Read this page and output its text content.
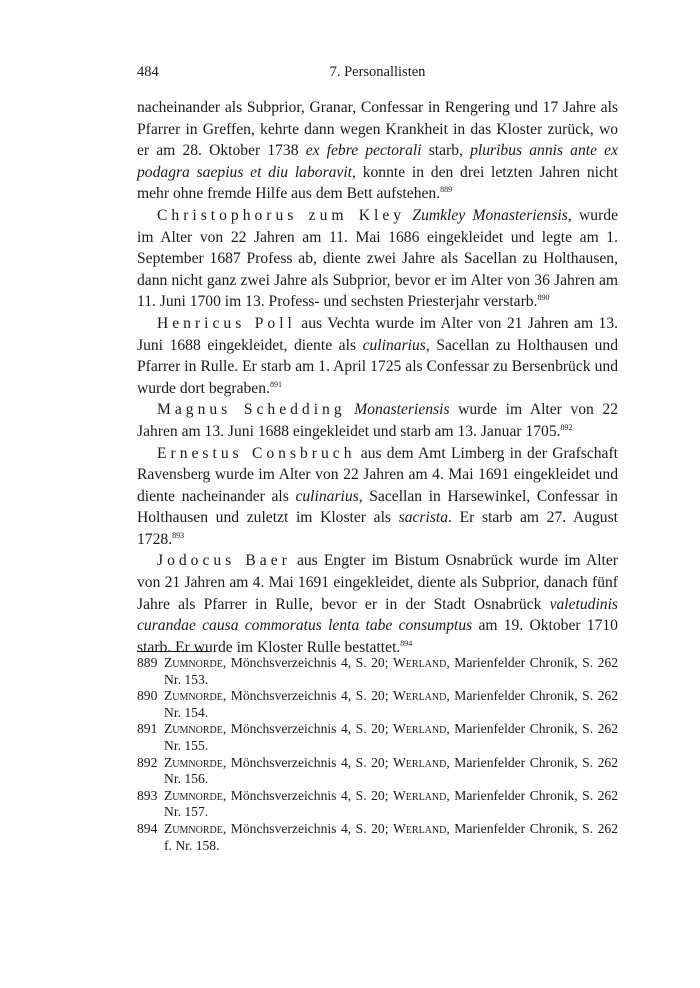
484	7. Personallisten

nacheinander als Subprior, Granar, Confessar in Rengering und 17 Jahre als Pfarrer in Greffen, kehrte dann wegen Krankheit in das Kloster zurück, wo er am 28. Oktober 1738 ex febre pectorali starb, pluribus annis ante ex podagra saepius et diu laboravit, konnte in den drei letzten Jahren nicht mehr ohne fremde Hilfe aus dem Bett aufstehen.$^{889}$

Christophorus zum Kley Zumkley Monasteriensis, wurde im Alter von 22 Jahren am 11. Mai 1686 eingekleidet und legte am 1. September 1687 Profess ab, diente zwei Jahre als Sacellan zu Holthausen, dann nicht ganz zwei Jahre als Subprior, bevor er im Alter von 36 Jahren am 11. Juni 1700 im 13. Profess- und sechsten Priesterjahr verstarb.$^{890}$

Henricus Poll aus Vechta wurde im Alter von 21 Jahren am 13. Juni 1688 eingekleidet, diente als culinarius, Sacellan zu Holthausen und Pfarrer in Rulle. Er starb am 1. April 1725 als Confessar zu Bersenbrück und wurde dort begraben.$^{891}$

Magnus Schedding Monasteriensis wurde im Alter von 22 Jahren am 13. Juni 1688 eingekleidet und starb am 13. Januar 1705.$^{892}$

Ernestus Consbruch aus dem Amt Limberg in der Grafschaft Ravensberg wurde im Alter von 22 Jahren am 4. Mai 1691 eingekleidet und diente nacheinander als culinarius, Sacellan in Harsewinkel, Confessar in Holthausen und zuletzt im Kloster als sacrista. Er starb am 27. August 1728.$^{893}$

Jodocus Baer aus Engter im Bistum Osnabrück wurde im Alter von 21 Jahren am 4. Mai 1691 eingekleidet, diente als Subprior, danach fünf Jahre als Pfarrer in Rulle, bevor er in der Stadt Osnabrück valetudinis curandae causa commoratus lenta tabe consumptus am 19. Oktober 1710 starb. Er wurde im Kloster Rulle bestattet.$^{894}$

889 Zumnorde, Mönchsverzeichnis 4, S. 20; Werland, Marienfelder Chronik, S. 262 Nr. 153.
890 Zumnorde, Mönchsverzeichnis 4, S. 20; Werland, Marienfelder Chronik, S. 262 Nr. 154.
891 Zumnorde, Mönchsverzeichnis 4, S. 20; Werland, Marienfelder Chronik, S. 262 Nr. 155.
892 Zumnorde, Mönchsverzeichnis 4, S. 20; Werland, Marienfelder Chronik, S. 262 Nr. 156.
893 Zumnorde, Mönchsverzeichnis 4, S. 20; Werland, Marienfelder Chronik, S. 262 Nr. 157.
894 Zumnorde, Mönchsverzeichnis 4, S. 20; Werland, Marienfelder Chronik, S. 262 f. Nr. 158.
